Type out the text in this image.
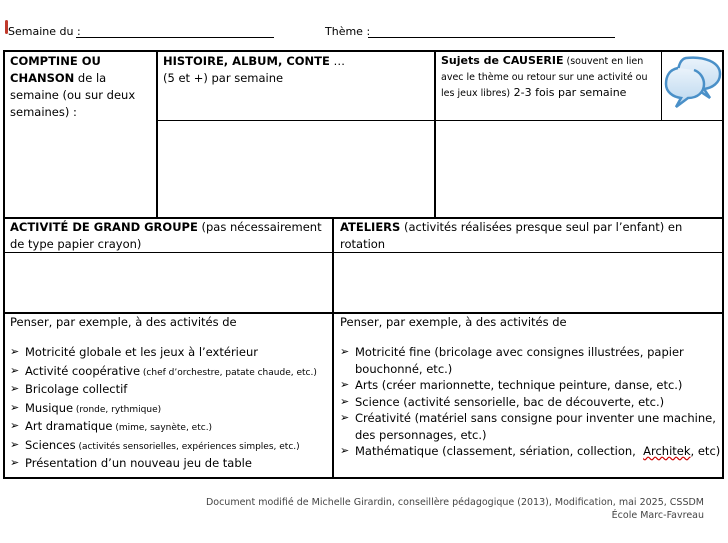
Semaine du :	Thème :
COMPTINE OU CHANSON de la semaine (ou sur deux semaines) :
HISTOIRE, ALBUM, CONTE …
(5 et +) par semaine
Sujets de CAUSERIE (souvent en lien avec le thème ou retour sur une activité ou les jeux libres) 2-3 fois par semaine
ACTIVITÉ DE GRAND GROUPE (pas nécessairement de type papier crayon)
ATELIERS (activités réalisées presque seul par l’enfant) en rotation
Penser, par exemple, à des activités de
➢ Motricité globale et les jeux à l’extérieur
➢ Activité coopérative (chef d’orchestre, patate chaude, etc.)
➢ Bricolage collectif
➢ Musique (ronde, rythmique)
➢ Art dramatique (mime, saynète, etc.)
➢ Sciences (activités sensorielles, expériences simples, etc.)
➢ Présentation d’un nouveau jeu de table
Penser, par exemple, à des activités de
➢ Motricité fine (bricolage avec consignes illustrées, papier
bouchonné, etc.)
➢ Arts (créer marionnette, technique peinture, danse, etc.)
➢ Science (activité sensorielle, bac de découverte, etc.)
➢ Créativité (matériel sans consigne pour inventer une machine,
des personnages, etc.)
➢ Mathématique (classement, sériation, collection, Architek, etc)
Document modifié de Michelle Girardin, conseillère pédagogique (2013), Modification, mai 2025, CSSDM
École Marc-Favreau
